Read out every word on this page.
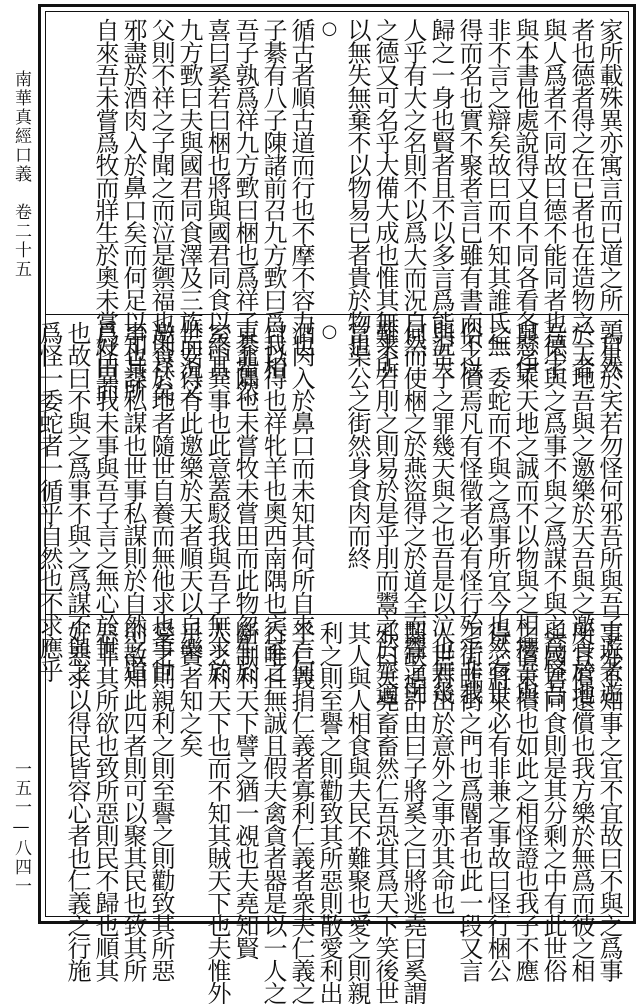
南華真經口義　卷二十五
一五一—八四一
家所載殊異亦寓言而已道之所一自然
者也德者得之在已者也在造物之一者
與人爲者不同故曰德不能同者也德字
與本書他處說得又自不同各看各懸伊
非不言之辯矣故曰而不知其誰氏無
得而名也實不聚者言已雖有書而不以
歸之一身也賢者且不以多言爲能況大
人乎有大之名則不以爲大而況自然
之德又可名乎大備大成也惟其無求所
以無失無棄不以物易已者貴於物也
○
循古者順古道而行也不摩不容力也
子綦有八子陳諸前召九方歅曰爲我相
吾子孰爲祥九方歅曰梱也爲祥子綦瞿然
喜曰奚若曰梱也將與國君同食以終其
九方歅曰夫與國君同食澤及三族而況父
父則不祥之子聞之而泣是禦福也則祥矣
邪盡於酒肉入於鼻口矣而何足以知其所
自來吾未嘗爲牧而牂生於奧未嘗好田而
鶉生於宎若勿怪何邪吾所與吾子遊者遊
於天地吾與之邀樂於天吾與之邀食於地
吾不與之爲事不與之爲謀不與之爲怪吾
與之乘天地之誠而不以物與之相攖吾與
之一委蛇而不與之爲事所宜今也然有世
俗之償焉凡有怪徵者必有怪行殆乎非我
與吾子之罪幾天與之也吾是以泣也無幾
何而使梱之於燕盜得之於道全而鬻之則
難不若刖之則易於是乎刖而鬻之於齊適
當渠公之街然身食肉而終
○
酒肉入於鼻口而未知其何所自來言何
自以得也祥牝羊也奧西南隅也宎室之
東北隅也未嘗牧未嘗田而此物忽生於
室中異事也此意蓋駁我與吾子無求於
世安得有此邀樂於天者順天以自樂
邀食於地者隨世自養而無他求也事世
事也謀私謀也世事私謀則於自然之道
爲怪異我未事與吾子言之無心於世
也故曰不與之爲事不與之爲謀不與之
爲怪一委蛇者一循乎自然也不求應乎
事亦不知事之宜不宜故曰不與之爲事
所宜償還償也我方樂於無爲而彼之相
與國君同食則是其分剩之中有此世俗
之償未償也如此之相怪證也我子不應
得之將來必有非兼之事故曰怪行梱公
之街臨街之門也爲閽者也此一段又言
人世有出於意外之事亦其命也
齧缺遇許由曰子將奚之曰將逃堯曰奚謂
邪曰夫堯畜畜然仁吾恐其爲天下笑後世
其人與人相食與夫民不難聚也愛之則親
利之則至譽之則勸致其所惡則散愛利出
乎仁義捐仁義者寡利仁義者衆夫仁義之
行唯且無誠且假夫禽貪者器是以一人之
斷制利天下譬之猶一覕也夫堯知賢
人之利天下也而不知其賊天下也夫惟外
乎賢者知之矣
愛之則親利之則至譽之則勸致其所惡
則散知此四者則可以聚其民也致其所
惡非其所欲也致所惡則民不歸也順其
好惡求以得民皆容心者也仁義之行施
